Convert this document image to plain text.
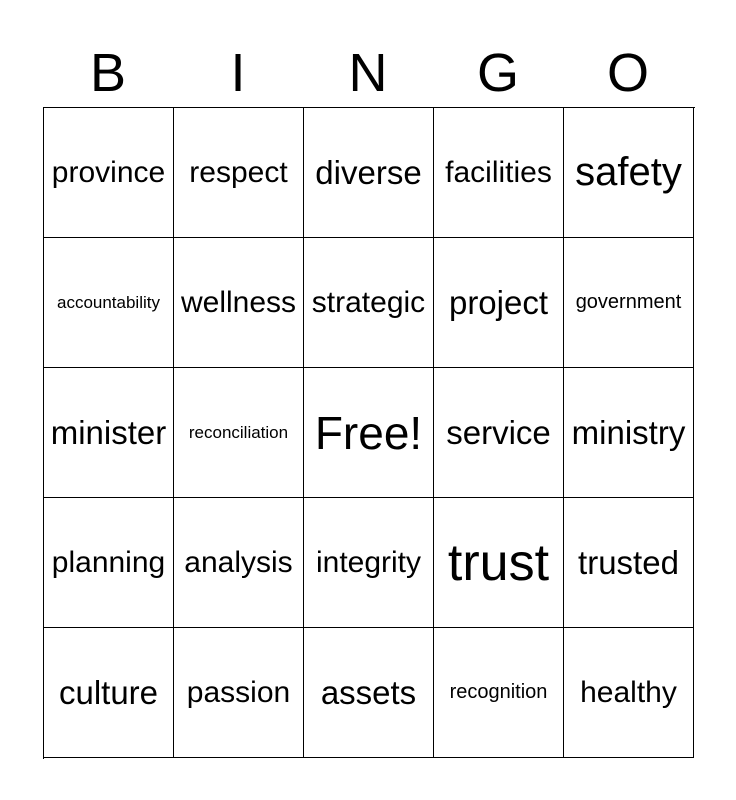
B	I	N	G	O
province respect diverse facilities safety
accountability wellness strategic project	government
minister	reconciliation Free! service ministry
planning analysis integrity trust trusted
culture passion assets	recognition	healthy
